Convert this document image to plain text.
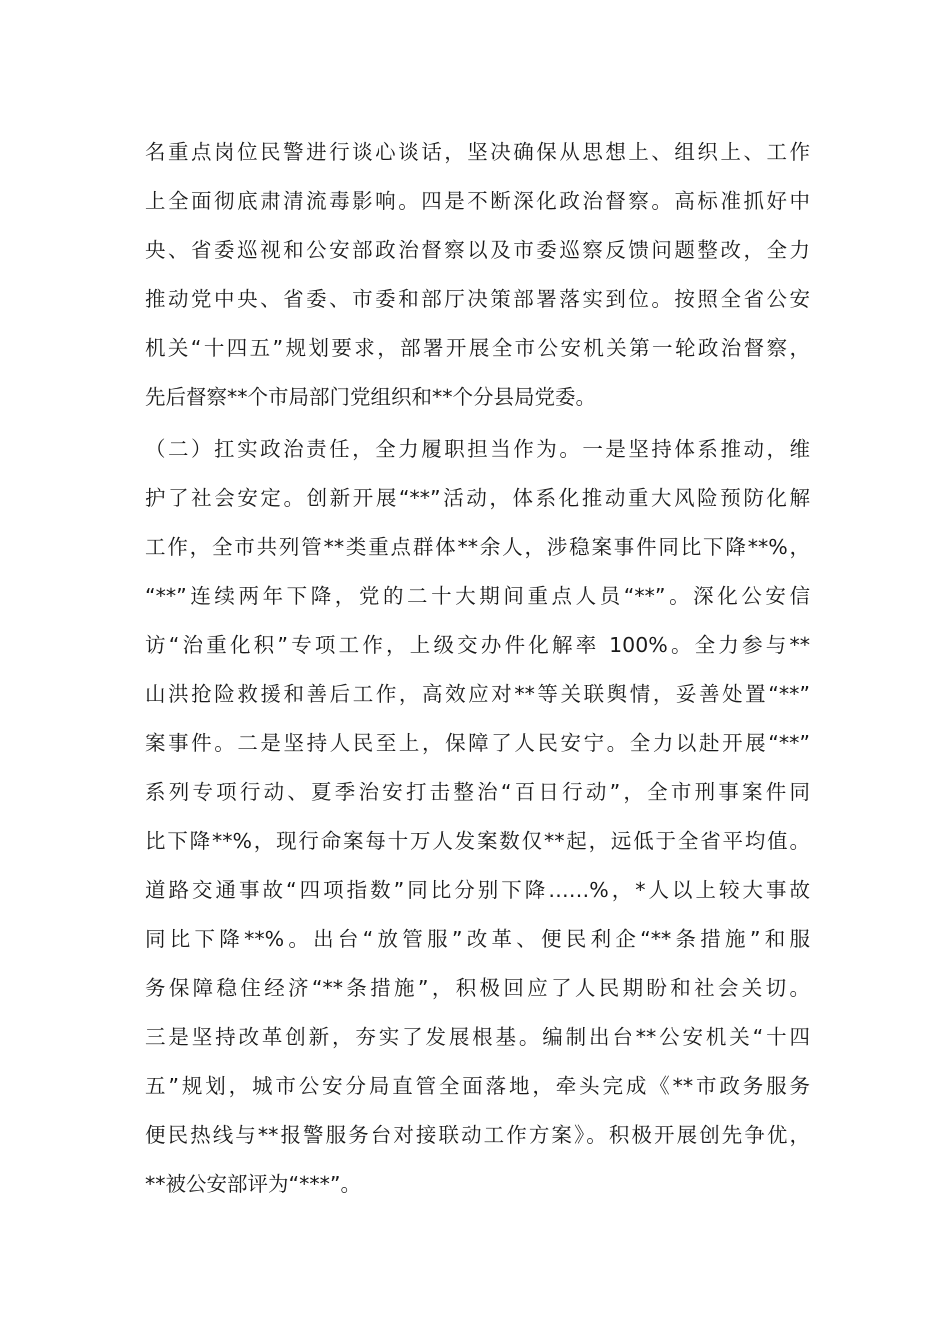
名重点岗位民警进行谈心谈话，坚决确保从思想上、组织上、工作
上全面彻底肃清流毒影响。四是不断深化政治督察。高标准抓好中
央、省委巡视和公安部政治督察以及市委巡察反馈问题整改，全力
推动党中央、省委、市委和部厅决策部署落实到位。按照全省公安
机关“十四五”规划要求，部署开展全市公安机关第一轮政治督察，
先后督察**个市局部门党组织和**个分县局党委。
（二）扛实政治责任，全力履职担当作为。一是坚持体系推动，维
护了社会安定。创新开展“**”活动，体系化推动重大风险预防化解
工作，全市共列管**类重点群体**余人，涉稳案事件同比下降**%，
“**”连续两年下降，党的二十大期间重点人员“**”。深化公安信
访“治重化积”专项工作，上级交办件化解率 100%。全力参与**
山洪抢险救援和善后工作，高效应对**等关联舆情，妥善处置“**”
案事件。二是坚持人民至上，保障了人民安宁。全力以赴开展“**”
系列专项行动、夏季治安打击整治“百日行动”，全市刑事案件同
比下降**%，现行命案每十万人发案数仅**起，远低于全省平均值。
道路交通事故“四项指数”同比分别下降……%，*人以上较大事故
同比下降**%。出台“放管服”改革、便民利企“**条措施”和服
务保障稳住经济“**条措施”，积极回应了人民期盼和社会关切。
三是坚持改革创新，夯实了发展根基。编制出台**公安机关“十四
五”规划，城市公安分局直管全面落地，牵头完成《**市政务服务
便民热线与**报警服务台对接联动工作方案》。积极开展创先争优，
**被公安部评为“***”。
